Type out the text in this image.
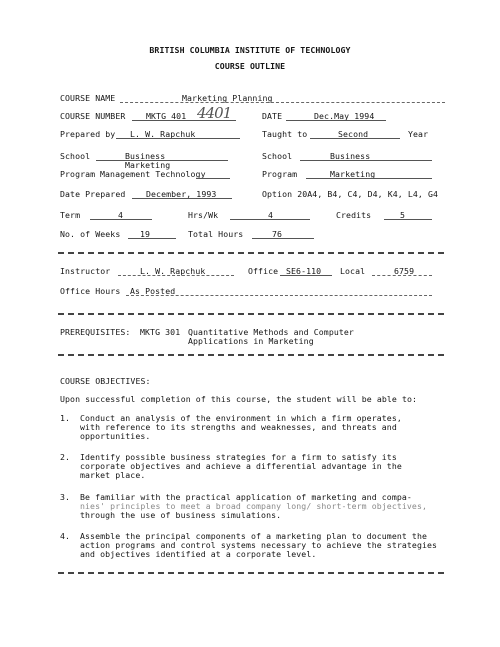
BRITISH COLUMBIA INSTITUTE OF TECHNOLOGY
COURSE OUTLINE
COURSE NAME	Marketing Planning
COURSE NUMBER	MKTG 401 4401	DATE	Dec.May 1994
Prepared by L. W. Rapchuk	Taught to	Second	Year
School	Business	School	Business
Marketing
Program Management Technology	Program	Marketing
Date Prepared	December, 1993	Option 20A4, B4, C4, D4, K4, L4, G4
Term	4	Hrs/Wk	4	Credits	5
No. of Weeks 19	Total Hours	76
Instructor	L. W. Rapchuk	Office SE6-110 Local	6759
Office Hours As Posted
PREREQUISITES: MKTG 301 Quantitative Methods and Computer
Applications in Marketing
COURSE OBJECTIVES:
Upon successful completion of this course, the student will be able to:
1. Conduct an analysis of the environment in which a firm operates,
with reference to its strengths and weaknesses, and threats and
opportunities.
2. Identify possible business strategies for a firm to satisfy its
corporate objectives and achieve a differential advantage in the
market place.
3. Be familiar with the practical application of marketing and compa-
nies' principles to meet a broad company long/ short-term objectives,
through the use of business simulations.
4. Assemble the principal components of a marketing plan to document the
action programs and control systems necessary to achieve the strategies
and objectives identified at a corporate level.
